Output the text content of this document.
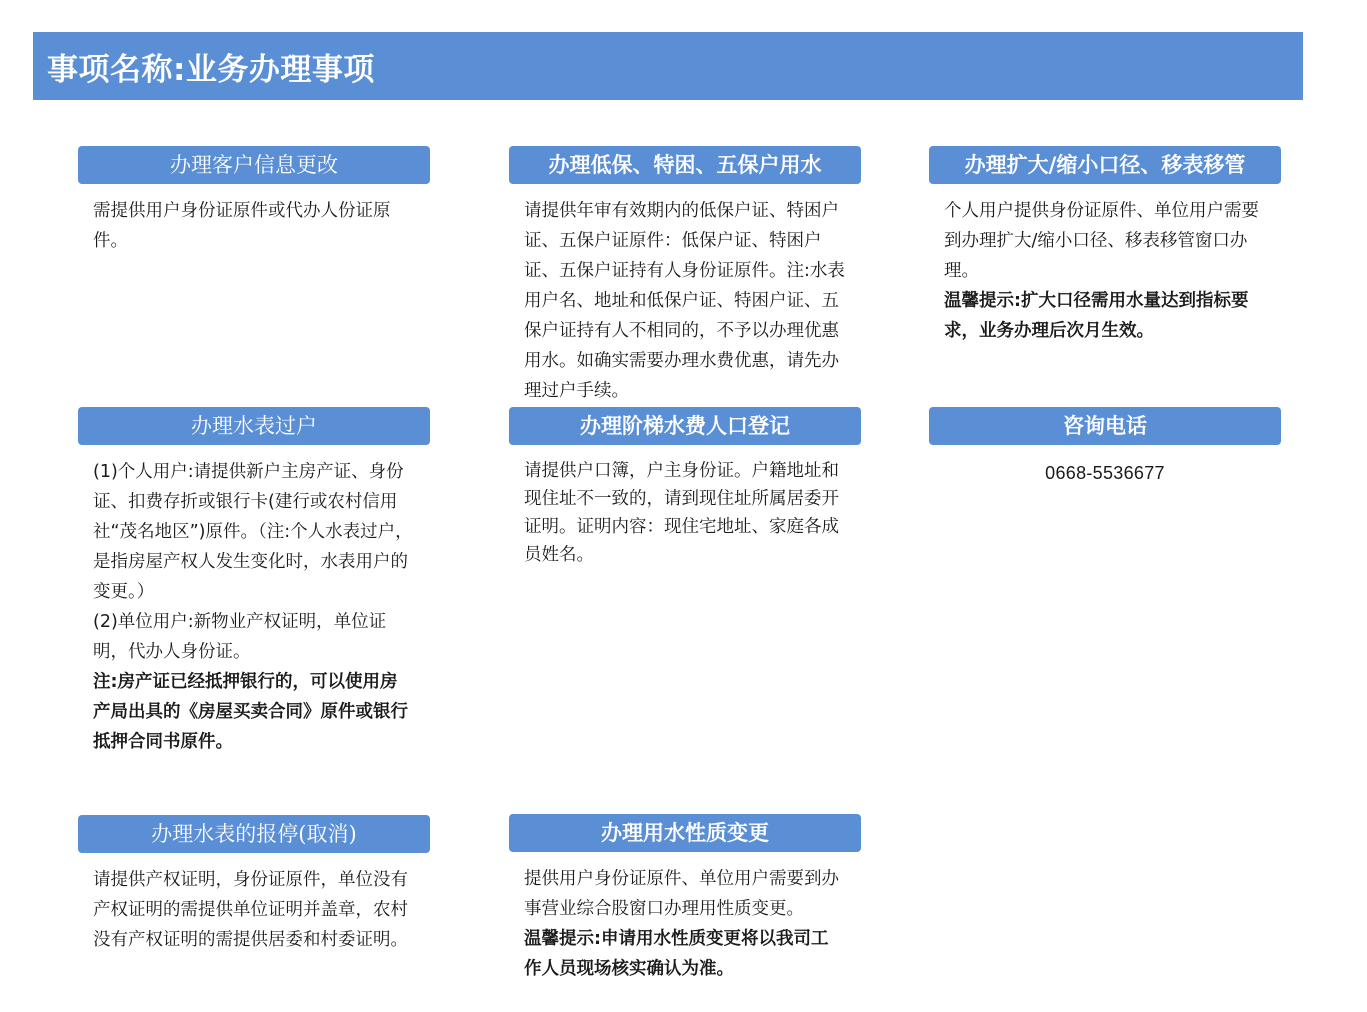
事项名称:业务办理事项
办理客户信息更改

需提供用户身份证原件或代办人份证原件。

办理低保、特困、五保户用水

请提供年审有效期内的低保户证、特困户证、五保户证原件：低保户证、特困户证、五保户证持有人身份证原件。注:水表用户名、地址和低保户证、特困户证、五保户证持有人不相同的，不予以办理优惠用水。如确实需要办理水费优惠，请先办理过户手续。

办理扩大/缩小口径、移表移管

个人用户提供身份证原件、单位用户需要到办理扩大/缩小口径、移表移管窗口办理。

温馨提示:扩大口径需用水量达到指标要求，业务办理后次月生效。

办理水表过户

(1)个人用户:请提供新户主房产证、身份证、扣费存折或银行卡(建行或农村信用社“茂名地区”)原件。（注:个人水表过户，是指房屋产权人发生变化时，水表用户的变更。）

(2)单位用户:新物业产权证明，单位证明，代办人身份证。

注:房产证已经抵押银行的，可以使用房产局出具的《房屋买卖合同》原件或银行抵押合同书原件。

办理阶梯水费人口登记

请提供户口簿，户主身份证。户籍地址和现住址不一致的，请到现住址所属居委开证明。证明内容：现住宅地址、家庭各成员姓名。

咨询电话
0668-5536677
办理水表的报停(取消)

请提供产权证明，身份证原件，单位没有产权证明的需提供单位证明并盖章，农村没有产权证明的需提供居委和村委证明。

办理用水性质变更

提供用户身份证原件、单位用户需要到办事营业综合股窗口办理用性质变更。

温馨提示:申请用水性质变更将以我司工作人员现场核实确认为准。
